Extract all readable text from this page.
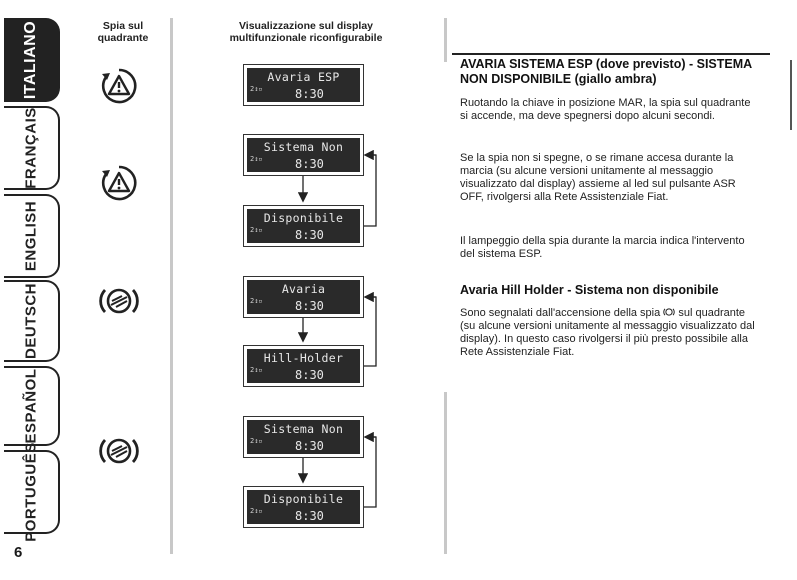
ITALIANO
FRANÇAIS
ENGLISH
DEUTSCH
ESPAÑOL
PORTUGUÊS
6
Spia sul
quadrante
Visualizzazione sul display
multifunzionale riconfigurabile
Avaria ESP
2↕▫	8:30
Sistema Non
2↕▫	8:30
Disponibile
2↕▫	8:30
Avaria
2↕▫	8:30
Hill-Holder
2↕▫	8:30
Sistema Non
2↕▫	8:30
Disponibile
2↕▫	8:30
AVARIA SISTEMA ESP (dove previsto) - SISTEMA NON DISPONIBILE (giallo ambra)
Ruotando la chiave in posizione MAR, la spia sul quadrante si accende, ma deve spegnersi dopo alcuni secondi.
Se la spia non si spegne, o se rimane accesa durante la marcia (su alcune versioni unitamente al messaggio visualizzato dal display) assieme al led sul pulsante ASR OFF, rivolgersi alla Rete Assistenziale Fiat.
Il lampeggio della spia durante la marcia indica l'intervento del sistema ESP.
Avaria Hill Holder - Sistema non disponibile
Sono segnalati dall'accensione della spia sul quadrante (su alcune versioni unitamente al messaggio visualizzato dal display). In questo caso rivolgersi il più presto possibile alla Rete Assistenziale Fiat.
